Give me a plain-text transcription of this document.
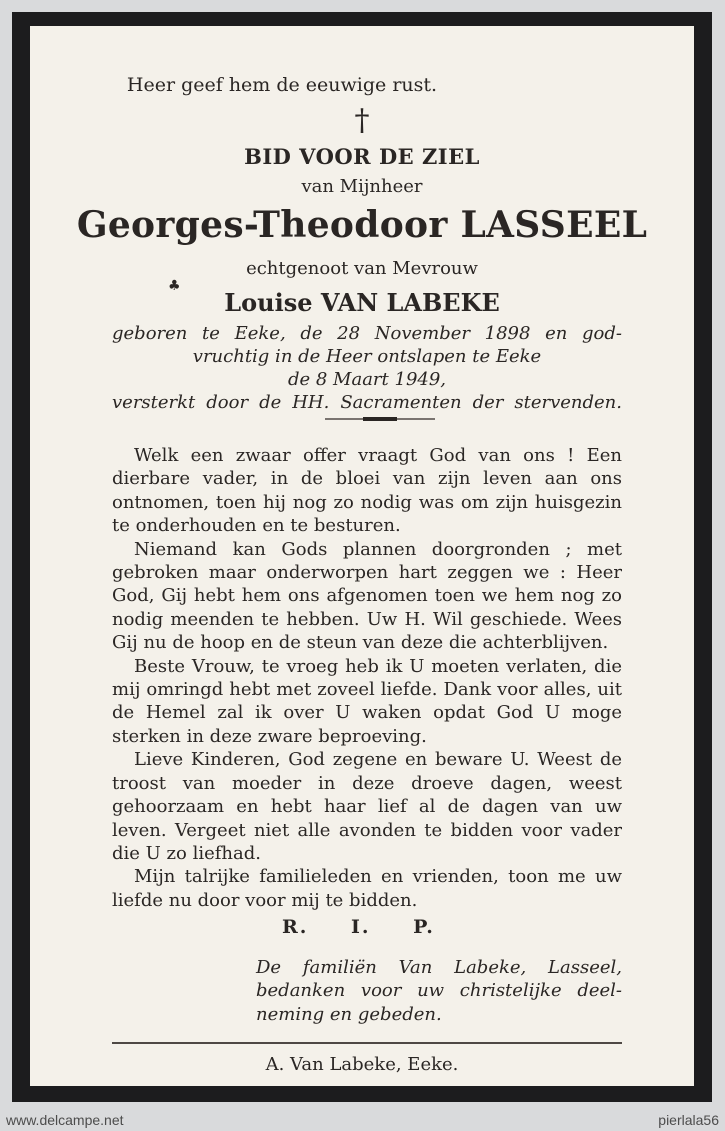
Heer geef hem de eeuwige rust.
†
BID VOOR DE ZIEL
van Mijnheer
Georges-Theodoor LASSEEL
echtgenoot van Mevrouw
♣
Louise VAN LABEKE

geboren te Eeke, de 28 November 1898 en god-

vruchtig in de Heer ontslapen te Eeke

de 8 Maart 1949,

versterkt door de HH. Sacramenten der stervenden.

Welk een zwaar offer vraagt God van ons ! Een dierbare vader, in de bloei van zijn leven aan ons ontnomen, toen hij nog zo nodig was om zijn huisgezin te onderhouden en te besturen.

Niemand kan Gods plannen doorgronden ; met gebroken maar onderworpen hart zeggen we : Heer God, Gij hebt hem ons afgenomen toen we hem nog zo nodig meenden te hebben. Uw H. Wil geschiede. Wees Gij nu de hoop en de steun van deze die achterblijven.

Beste Vrouw, te vroeg heb ik U moeten verlaten, die mij omringd hebt met zoveel liefde. Dank voor alles, uit de Hemel zal ik over U waken opdat God U moge sterken in deze zware beproeving.

Lieve Kinderen, God zegene en beware U. Weest de troost van moeder in deze droeve dagen, weest gehoorzaam en hebt haar lief al de dagen van uw leven. Vergeet niet alle avonden te bidden voor vader die U zo liefhad.

Mijn talrijke familieleden en vrienden, toon me uw liefde nu door voor mij te bidden.

R. I. P.

De familiën Van Labeke, Lasseel,

bedanken voor uw christelijke deel-

neming en gebeden.

A. Van Labeke, Eeke.
www.delcampe.net	pierlala56
